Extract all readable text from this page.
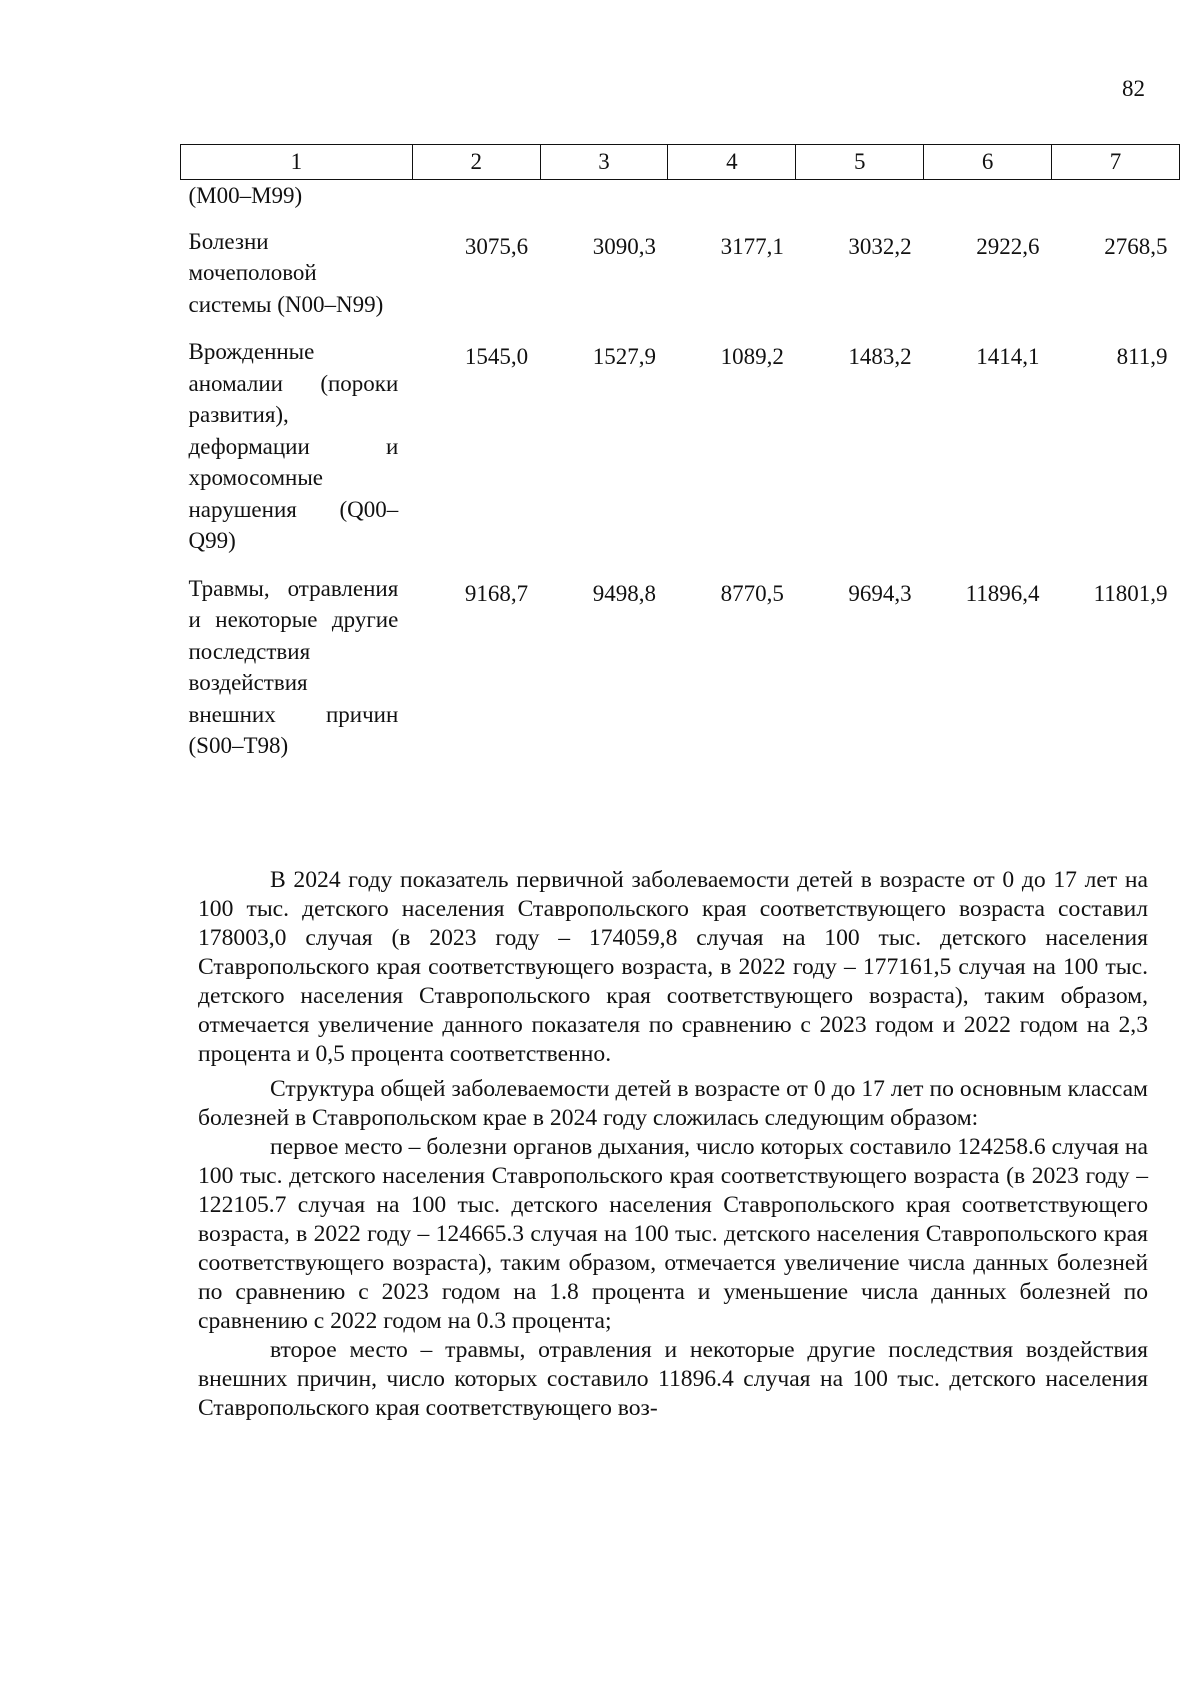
82
1	2	3	4	5	6	7
(M00–M99)						
Болезни мочеполовой системы (N00–N99)	3075,6	3090,3	3177,1	3032,2	2922,6	2768,5
Врожденные аномалии (пороки развития), деформации и хромосомные нарушения (Q00–Q99)	1545,0	1527,9	1089,2	1483,2	1414,1	811,9
Травмы, отравления и некоторые другие последствия воздействия внешних причин (S00–T98)	9168,7	9498,8	8770,5	9694,3	11896,4	11801,9

В 2024 году показатель первичной заболеваемости детей в возрасте от 0 до 17 лет на 100 тыс. детского населения Ставропольского края соответствующего возраста составил 178003,0 случая (в 2023 году – 174059,8 случая на 100 тыс. детского населения Ставропольского края соответствующего возраста, в 2022 году – 177161,5 случая на 100 тыс. детского населения Ставропольского края соответствующего возраста), таким образом, отмечается увеличение данного показателя по сравнению с 2023 годом и 2022 годом на 2,3 процента и 0,5 процента соответственно.

Структура общей заболеваемости детей в возрасте от 0 до 17 лет по основным классам болезней в Ставропольском крае в 2024 году сложилась следующим образом:

первое место – болезни органов дыхания, число которых составило 124258.6 случая на 100 тыс. детского населения Ставропольского края соответствующего возраста (в 2023 году – 122105.7 случая на 100 тыс. детского населения Ставропольского края соответствующего возраста, в 2022 году – 124665.3 случая на 100 тыс. детского населения Ставропольского края соответствующего возраста), таким образом, отмечается увеличение числа данных болезней по сравнению с 2023 годом на 1.8 процента и уменьшение числа данных болезней по сравнению с 2022 годом на 0.3 процента;

второе место – травмы, отравления и некоторые другие последствия воздействия внешних причин, число которых составило 11896.4 случая на 100 тыс. детского населения Ставропольского края соответствующего воз-
